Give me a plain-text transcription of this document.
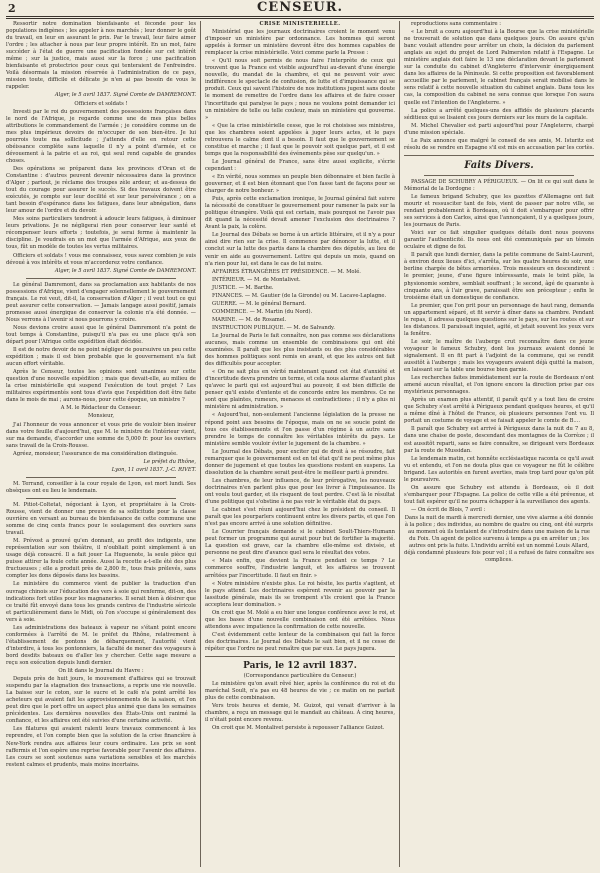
2	CENSEUR.

Ressortir notre domination bienfaisante et féconde pour les populations indigènes ; les appeler à nos marchés ; leur donner le goût du travail, en leur en assurant le prix. Par le travail, leur faire aimer l'ordre ; les attacher à nous par leur propre intérêt. En un mot, faire succéder à l'état de guerre une pacification fondée sur cet intérêt même ; sur la justice, mais aussi sur la force ; une pacification bienfaisante et protectrice pour ceux qui tenteraient de l'enfreindre. Voilà désormais la mission réservée à l'administration de ce pays, mission toute, difficile et délicate je n'en ai pas besoin de vous le rappeler.

Alger, le 5 avril 1837. Signé Comte de DAMREMONT.

Officiers et soldats !

Investi par le roi du gouvernement des possessions françaises dans le nord de l'Afrique, je regarde comme une de mes plus belles attributions le commandement de l'armée ; je considère comme un de mes plus impérieux devoirs de m'occuper de son bien-être. Je lui pourrois toute ma sollicitude ; j'attends d'elle en retour cette obéissance complète sans laquelle il n'y a point d'armée, et ce dévouement à la patrie et au roi, qui seul rend capable de grandes choses.

Des opérations se préparent dans les provinces d'Oran et de Constantine : d'autres peuvent devenir nécessaires dans la province d'Alger ; partout, je réclame des troupes zèle ardeur, et au-dessus de tout du courage pour assurer le succès. Si des travaux doivent être exécutés, je compte sur leur docilité et sur leur persévérance ; on a tant besoin d'espérance dans les fatigues, dans leur abnégation, dans leur amour de l'ordre et du devoir.

Mes soins particuliers tendront à adoucir leurs fatigues, à diminuer leurs privations. Je ne négligerai rien pour conserver leur santé et récompenser leurs efforts ; toutefois, je serai ferme à maintenir la discipline. Je voudrais en un mot que l'armée d'Afrique, aux yeux de tous, fût un modèle de toutes les vertus militaires.

Officiers et soldats ! vous me connaissez, vous savez combien je suis dévoué à vos intérêts et vous m'accorderez votre confiance.

Alger, le 5 avril 1837. Signé Comte de DAMREMONT.

Le général Damremont, dans sa proclamation aux habitants de nos possessions d'Afrique, vient d'engager solennellement le gouvernement français. Le roi veut, dit-il, la conservation d'Alger ; il veut tout ce qui peut assurer cette conservation. — Jamais langage aussi positif, jamais promesse aussi énergique de conserver la colonie n'a été donnée. — Nous verrons à l'avenir si nous pourrons y croire.

Nous devions croire aussi que le général Damremont n'a point de tout temps à Constantine, puisqu'il n'a pas eu une place qu'à son départ pour l'Afrique cette expédition était décidée.

Il est de notre devoir de ne point négliger de poursuivre un peu cette expédition ; mais il est bien probable que le gouvernement n'a fait aucun effort véritable.

Après le Censeur, toutes les opinions sont unanimes sur cette question d'une nouvelle expédition ; mais que devait-elle, au milieu de la crise ministérielle qui suspend l'exécution de tout projet ? Les militaires expérimentés sont tous d'avis que l'expédition doit être faite dans le mois de mai ; aurons-nous, pour cette époque, un ministre ?

A M. le Rédacteur du Censeur.

Monsieur,

J'ai l'honneur de vous annoncer et vous prie de vouloir bien insérer dans votre feuille d'aujourd'hui, que M. le ministre de l'intérieur vient, sur ma demande, d'accorder une somme de 5,000 fr. pour les ouvriers sans travail de la Croix-Rousse.

Agréez, monsieur, l'assurance de ma considération distinguée.

Le préfet du Rhône,

Lyon, 11 avril 1837. J.-C. RIVET.

M. Terrand, conseiller à la cour royale de Lyon, est mort lundi. Ses obsèques ont eu lieu le lendemain.

M. Pitiot-Coltetat, négociant à Lyon, et propriétaire à la Croix-Rousse, vient de donner une preuve de sa sollicitude pour la classe ouvrière en versant au bureau de bienfaisance de cette commune une somme de cinq cents francs pour le soulagement des ouvriers sans travail.

M. Prévost a prouvé qu'en donnant, au profit des indigents, une représentation sur son théâtre, il n'oubliait point simplement à un usage déjà consacré. Il a fait jouer La Huguenote, la seule pièce qui puisse attirer la foule cette année. Aussi la recette a-t-elle été des plus fructueuses ; elle a produit près de 2,800 fr., tous frais prélevés, sans compter les dons déposés dans les bassins.

Le ministère du commerce vient de publier la traduction d'un ouvrage chinois sur l'éducation des vers à soie qui renferme, dit-on, des indications fort utiles pour les magnaneries. Il serait bien à désirer que ce traité fût envoyé dans tous les grands centres de l'industrie séricole et particulièrement dans le Midi, où l'on s'occupe si généralement des vers à soie.

Les administrations des bateaux à vapeur ne s'étant point encore conformées à l'arrêté de M. le préfet du Rhône, relativement à l'établissement de pontons de débarquement, l'autorité vient d'interdire, à tous les pontonniers, la faculté de mener des voyageurs à bord desdits bateaux ou d'aller les y chercher. Cette sage mesure a reçu son exécution depuis lundi dernier.

On lit dans le Journal du Havre :

Depuis près de huit jours, le mouvement d'affaires qui se trouvait suspendu par la stagnation des transactions, a repris une vie nouvelle. La baisse sur le coton, sur le sucre et le café n'a point arrêté les acheteurs qui avaient fait les approvisionnements de la saison, et l'on peut dire que le port offre un aspect plus animé que dans les semaines précédentes. Les dernières nouvelles des États-Unis ont ranimé la confiance, et les affaires ont été suivies d'une certaine activité.

Les filatures qui avaient ralenti leurs travaux commencent à les reprendre, et l'on compte bien que la solution de la crise financière à New-York rendra aux affaires leur cours ordinaire. Les prix se sont raffermis et l'on espère une reprise favorable pour l'avenir des affaires. Les cours se sont soutenus sans variations sensibles et les marchés restent calmes et prudents, mais moins incertains.

CRISE MINISTÉRIELLE.

Ministériel que les journaux doctrinaires croient le moment venu d'imposer un ministère par ordonnance. Les hommes qui seront appelés à former un ministère devront être des hommes capables de remplacer la crise ministérielle. Voici comme parle la Presse :

« Qu'il nous soit permis de nous faire l'interprète de ceux qui trouvent que la France est visible aujourd'hui au-devant d'une énergie nouvelle, du mandat de la chambre, et qui ne peuvent voir avec indifférence le spectacle de confusion, de lutte et d'impuissance qui se produit. Ceux qui savent l'histoire de nos institutions jugent sans doute le moment de remettre de l'ordre dans les affaires et de faire cesser l'incertitude qui paralyse le pays ; nous ne voulons point demander ici un ministère de telle ou telle couleur, mais un ministère qui gouverne. »

« Que la crise ministérielle cesse, que le roi choisisse ses ministres, que les chambres soient appelées à juger leurs actes, et le pays retrouvera le calme dont il a besoin. Il faut que le gouvernement se constitue et marche ; il faut que le pouvoir soit quelque part, et il est temps que la responsabilité des événements pèse sur quelqu'un. »

Le Journal général de France, sans être aussi explicite, s'écrie cependant :

« En vérité, nous sommes un peuple bien débonnaire et bien facile à gouverner, et il est bien étonnant que l'on fasse tant de façons pour se charger de notre bonheur. »

Puis, après cette exclamation ironique, le Journal général fait suivre la nécessité de constituer le gouvernement pour ramener la paix sur la politique étrangère. Voilà qui est certain, mais pourquoi ne l'avoir pas dit quand la nécessité devait amener l'exclusion des doctrinaires ? Avant la paix, la colère.

Le Journal des Débats se borne à un article littéraire, et il n'y a pour ainsi dire rien sur la crise. Il commence par dénoncer la lutte, et il conclut sur la lutte des partis dans la chambre des députés, au lieu de venir en aide au gouvernement. Lettre qui depuis un mois, quand on n'a rien pour lui, est dans le cas de lui nuire.

AFFAIRES ÉTRANGÈRES ET PRÉSIDENCE. — M. Molé.

INTÉRIEUR. — M. de Montalivet.

JUSTICE. — M. Barthe.

FINANCES. — M. Gautier (de la Gironde) ou M. Lacave-Laplagne.

GUERRE. — M. le général Bernard.

COMMERCE. — M. Martin (du Nord).

MARINE. — M. de Rosamel.

INSTRUCTION PUBLIQUE. — M. de Salvandy.

Le Journal de Paris le fait connaître, non pas comme ses déclarations aucunes, mais comme un ensemble de combinaisons qui ont été examinées. Il paraît que les plus insistants ou des plus considérables des hommes politiques sont remis en avant, et que les autres ont fait des difficultés pour accepter.

« On ne sait plus en vérité maintenant quand cet état d'anxiété et d'incertitude devra prendre un terme, et cela nous alarme d'autant plus qu'avec le parti qui est aujourd'hui au pouvoir, il est bien difficile de penser qu'il existe d'entente et de concorde entre les membres. Ce ne sont que plaintes, rumeurs, menaces et contradictions ; il n'y a plus ni ministère ni administration. »

« Aujourd'hui, non-seulement l'ancienne législation de la presse ne répond point aux besoins de l'époque, mais on ne se soucie point de tous ces établissements et l'on passe d'un régime à un autre sans prendre le temps de connaître les véritables intérêts du pays. Le ministère semble vouloir éviter le jugement de la chambre. »

Le Journal des Débats, pour exciter qui de droit à se résoudre, fait remarquer que le gouvernement est en tel état qu'il ne peut même plus donner de jugement et que toutes les questions restent en suspens. La dissolution de la chambre serait peut-être le meilleur parti à prendre.

Les chambres, de leur influence, de leur prérogative, les nouveaux doctrinaires n'en parlent plus que pour les livrer à l'impuissance. Ils ont voulu tout garder, et ils risquent de tout perdre. C'est là le résultat d'une politique qui s'obstine à ne pas voir le véritable état du pays.

Le cabinet s'est réuni aujourd'hui chez le président du conseil. Il paraît que les pourparlers continuent entre les divers partis, et que l'on n'est pas encore arrivé à une solution définitive.

Le Courrier français demande si le cabinet Soult-Thiers-Humann peut former un programme qui aurait pour but de fortifier la majorité. La question est grave, car la chambre elle-même est divisée, et personne ne peut dire d'avance quel sera le résultat des votes.

« Mais enfin, que devient la France pendant ce temps ? Le commerce souffre, l'industrie languit, et les affaires se trouvent arrêtées par l'incertitude. Il faut en finir. »

« Notre ministère n'existe plus. Le roi hésite, les partis s'agitent, et le pays attend. Les doctrinaires espèrent revenir au pouvoir par la lassitude générale, mais ils se trompent s'ils croient que la France acceptera leur domination. »

On croit que M. Molé a eu hier une longue conférence avec le roi, et que les bases d'une nouvelle combinaison ont été arrêtées. Nous attendons avec impatience la confirmation de cette nouvelle.

C'est évidemment cette lenteur de la combinaison qui fait la force des doctrinaires. Le Journal des Débats le sait bien, et il ne cesse de répéter que l'ordre ne peut renaître que par eux. Le pays jugera.

Paris, le 12 avril 1837.

(Correspondance particulière du Censeur.)

Le ministère qu'on avait rêvé hier, après la conférence du roi et du maréchal Soult, n'a pas eu 48 heures de vie ; ce matin on ne parlait plus de cette combinaison.

Vers trois heures et demie, M. Guizot, qui venait d'arriver à la chambre, a reçu un message qui le mandait au château. À cinq heures, il n'était point encore revenu.

On croit que M. Montalivet persiste à repousser l'alliance Guizot.

reproductions sans commentaire :

« Le bruit a couru aujourd'hui à la Bourse que la crise ministérielle ne trouverait de solution que dans quelques jours. On assure qu'un banc voulait attendre pour arrêter un choix, la décision du parlement anglais au sujet du projet de Lord Palmerston relatif à l'Espagne. Le ministère anglais doit faire le 13 une déclaration devant le parlement sur la conduite du cabinet d'Angleterre d'intervenir énergiquement dans les affaires de la Péninsule. Si cette proposition est favorablement accueillie par le parlement, le cabinet français serait mobilisé dans le sens relatif à cette nouvelle situation du cabinet anglais. Dans tous les cas, la composition du cabinet ne sera connue que lorsque l'on saura quelle est l'intention de l'Angleterre. »

La police a arrêté quelques-uns des affidés de plusieurs placards séditieux qui se lisaient ces jours derniers sur les murs de la capitale.

M. Michel Chevalier est parti aujourd'hui pour l'Angleterre, chargé d'une mission spéciale.

Le Paix annonce que malgré le conseil de ses amis, M. Isturitz est résolu de se rendre en Espagne s'il est mis en accusation par les cortès.

Faits Divers.

PASSAGE DE SCHUBRY A PÉRIGUEUX. — On lit ce qui suit dans le Mémorial de la Dordogne :

Le fameux brigand Schubry, que les gazettes d'Allemagne ont fait mourir et ressusciter tant de fois, vient de passer par notre ville, se rendant probablement à Bordeaux, où il doit s'embarquer pour offrir ses services à don Carlos, ainsi que l'annonçaient, il y a quelques jours, les journaux de Paris.

Voici sur ce fait singulier quelques détails dont nous pouvons garantir l'authenticité. Ils nous ont été communiqués par un témoin oculaire et digne de foi.

Il paraît que lundi dernier, dans la petite commune de Saint-Laurent, à environ deux lieues d'ici, s'arrêta, sur les quatre heures du soir, une berline chargée de bêtes armoriées. Trois messieurs en descendirent : le premier, jeune, d'une figure intéressante, mais le teint pâle, la physionomie sombre, semblait souffrant ; le second, âgé de quarante à cinquante ans, à l'air grave, paraissait être son précepteur ; enfin le troisième était un domestique de confiance.

Le premier, que l'on prit pour un personnage de haut rang, demanda un appartement séparé, et fit servir à dîner dans sa chambre. Pendant le repas, il adressa quelques questions sur le pays, sur les routes et sur les distances. Il paraissait inquiet, agité, et jetait souvent les yeux vers la fenêtre.

Le soir, le maître de l'auberge crut reconnaître dans ce jeune voyageur le fameux Schubry, dont les journaux avaient donné le signalement. Il en fit part à l'adjoint de la commune, qui se rendit aussitôt à l'auberge ; mais les voyageurs avaient déjà quitté la maison, en laissant sur la table une bourse bien garnie.

Les recherches faites immédiatement sur la route de Bordeaux n'ont amené aucun résultat, et l'on ignore encore la direction prise par ces mystérieux personnages.

Après un examen plus attentif, il paraît qu'il y a tout lieu de croire que Schubry s'est arrêté à Périgueux pendant quelques heures, et qu'il a même dîné à l'hôtel de France, où plusieurs personnes l'ont vu. Il portait un costume de voyage et se faisait appeler le comte de B....

Il paraît que Schubry est arrivé à Périgueux dans la nuit du 7 au 8, dans une chaise de poste, descendant des montagnes de la Corrèze ; il est aussitôt reparti, sans se faire connaître, se dirigeant vers Bordeaux par la route de Mussidan.

Le lendemain matin, cet honnête ecclésiastique raconta ce qu'il avait vu et entendu, et l'on ne douta plus que ce voyageur ne fût le célèbre brigand. Les autorités en furent averties, mais trop tard pour qu'on pût le poursuivre.

On assure que Schubry est attendu à Bordeaux, où il doit s'embarquer pour l'Espagne. La police de cette ville a été prévenue, et tout fait espérer qu'il ne pourra échapper à la surveillance des agents.

— On écrit de Blois, 7 avril :

Dans la nuit de mardi à mercredi dernier, une vive alarme a été donnée à la police ; des individus, au nombre de quatre ou cinq, ont été surpris au moment où ils tentaient de s'introduire dans une maison de la rue du Foix. Un agent de police survenu à temps a pu en arrêter un ; les autres ont pris la fuite. L'individu arrêté est un nommé Louis Allard, déjà condamné plusieurs fois pour vol ; il a refusé de faire connaître ses complices.
